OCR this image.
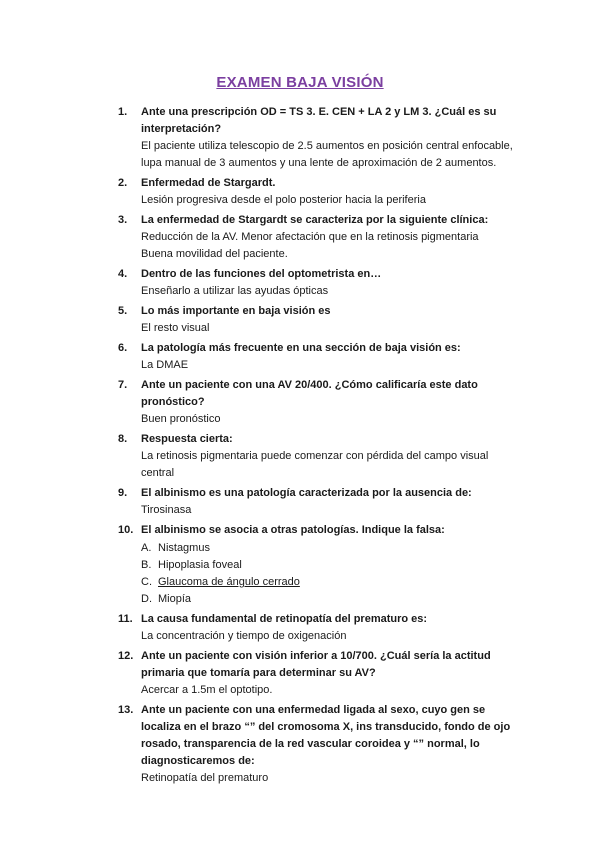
EXAMEN BAJA VISIÓN
1. Ante una prescripción OD = TS 3. E. CEN + LA 2 y LM 3. ¿Cuál es su interpretación?
El paciente utiliza telescopio de 2.5 aumentos en posición central enfocable, lupa manual de 3 aumentos y una lente de aproximación de 2 aumentos.
2. Enfermedad de Stargardt.
Lesión progresiva desde el polo posterior hacia la periferia
3. La enfermedad de Stargardt se caracteriza por la siguiente clínica:
Reducción de la AV. Menor afectación que en la retinosis pigmentaria
Buena movilidad del paciente.
4. Dentro de las funciones del optometrista en…
Enseñarlo a utilizar las ayudas ópticas
5. Lo más importante en baja visión es
El resto visual
6. La patología más frecuente en una sección de baja visión es:
La DMAE
7. Ante un paciente con una AV 20/400. ¿Cómo calificaría este dato pronóstico?
Buen pronóstico
8. Respuesta cierta:
La retinosis pigmentaria puede comenzar con pérdida del campo visual central
9. El albinismo es una patología caracterizada por la ausencia de:
Tirosinasa
10. El albinismo se asocia a otras patologías. Indique la falsa:
A. Nistagmus
B. Hipoplasia foveal
C. Glaucoma de ángulo cerrado
D. Miopía
11. La causa fundamental de retinopatía del prematuro es:
La concentración y tiempo de oxigenación
12. Ante un paciente con visión inferior a 10/700. ¿Cuál sería la actitud primaria que tomaría para determinar su AV?
Acercar a 1.5m el optotipo.
13. Ante un paciente con una enfermedad ligada al sexo, cuyo gen se localiza en el brazo “” del cromosoma X, ins transducido, fondo de ojo rosado, transparencia de la red vascular coroidea y “” normal, lo diagnosticaremos de:
Retinopatía del prematuro
